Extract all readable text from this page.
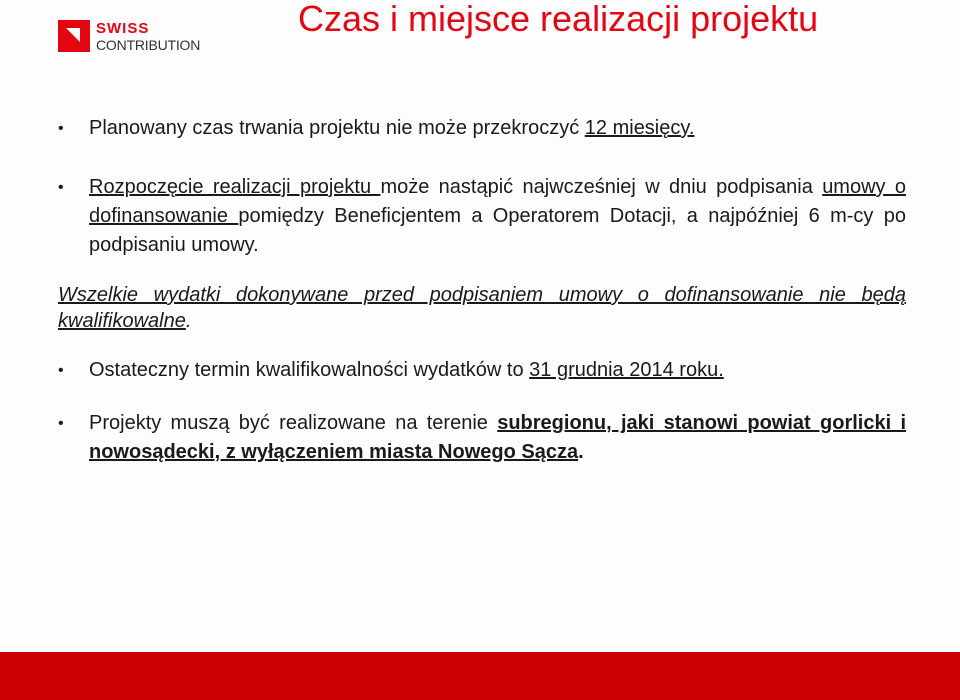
SWISS
CONTRIBUTION
Czas i miejsce realizacji projektu
• Planowany czas trwania projektu nie może przekroczyć 12 miesięcy.
• Rozpoczęcie realizacji projektu może nastąpić najwcześniej w dniu podpisania umowy o dofinansowanie pomiędzy Beneficjentem a Operatorem Dotacji, a najpóźniej 6 m-cy po podpisaniu umowy.
Wszelkie wydatki dokonywane przed podpisaniem umowy o dofinansowanie nie będą kwalifikowalne.
• Ostateczny termin kwalifikowalności wydatków to 31 grudnia 2014 roku.
• Projekty muszą być realizowane na terenie subregionu, jaki stanowi powiat gorlicki i nowosądecki, z wyłączeniem miasta Nowego Sącza.
